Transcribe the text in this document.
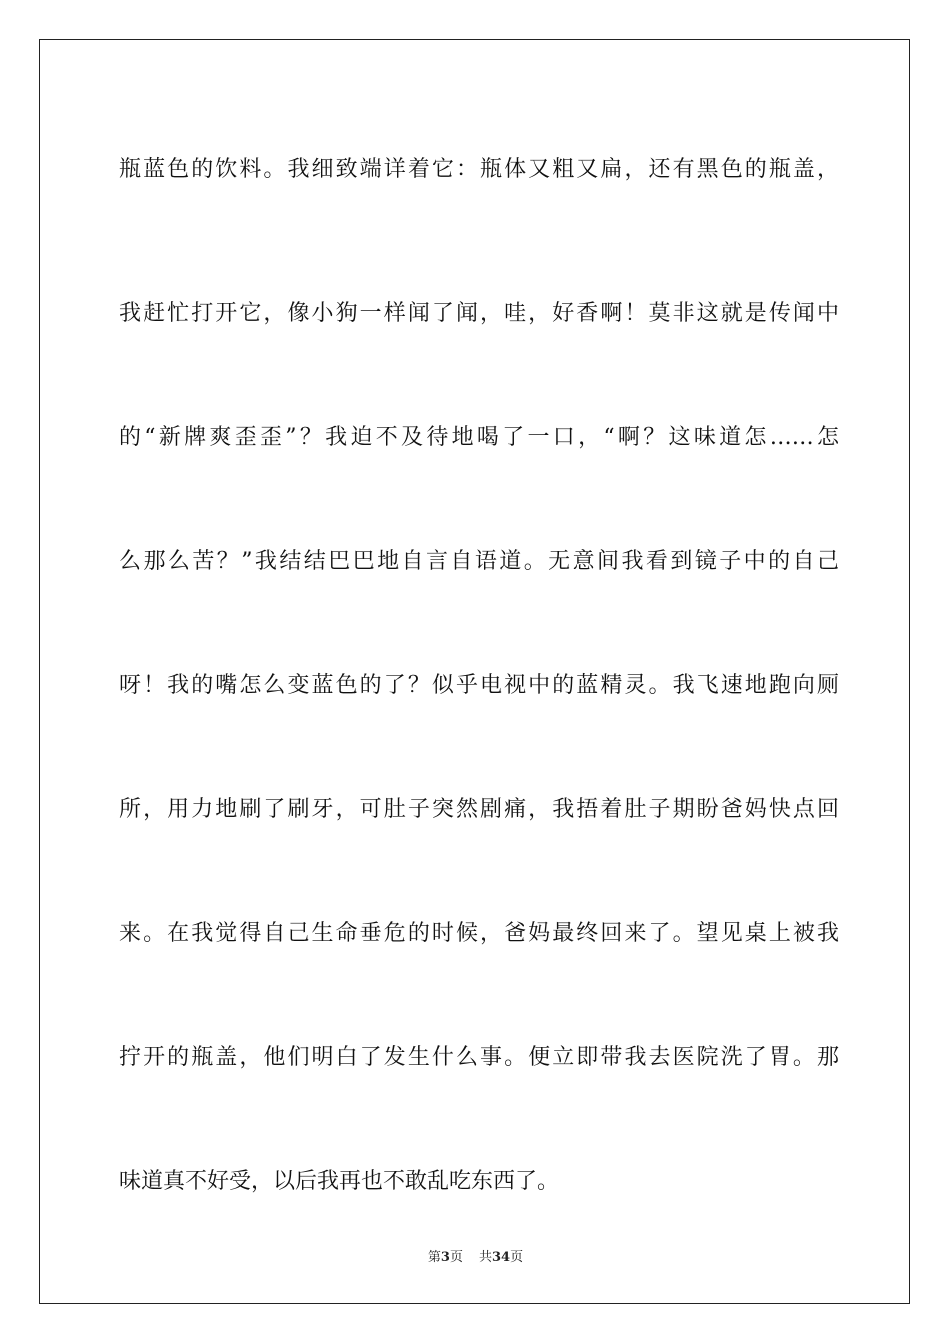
瓶蓝色的饮料。我细致端详着它：瓶体又粗又扁，还有黑色的瓶盖，
我赶忙打开它，像小狗一样闻了闻，哇，好香啊！莫非这就是传闻中
的“新牌爽歪歪”？我迫不及待地喝了一口，“啊？这味道怎……怎
么那么苦？”我结结巴巴地自言自语道。无意间我看到镜子中的自己
呀！我的嘴怎么变蓝色的了？似乎电视中的蓝精灵。我飞速地跑向厕
所，用力地刷了刷牙，可肚子突然剧痛，我捂着肚子期盼爸妈快点回
来。在我觉得自己生命垂危的时候，爸妈最终回来了。望见桌上被我
拧开的瓶盖，他们明白了发生什么事。便立即带我去医院洗了胃。那
味道真不好受，以后我再也不敢乱吃东西了。
第3页 共34页
